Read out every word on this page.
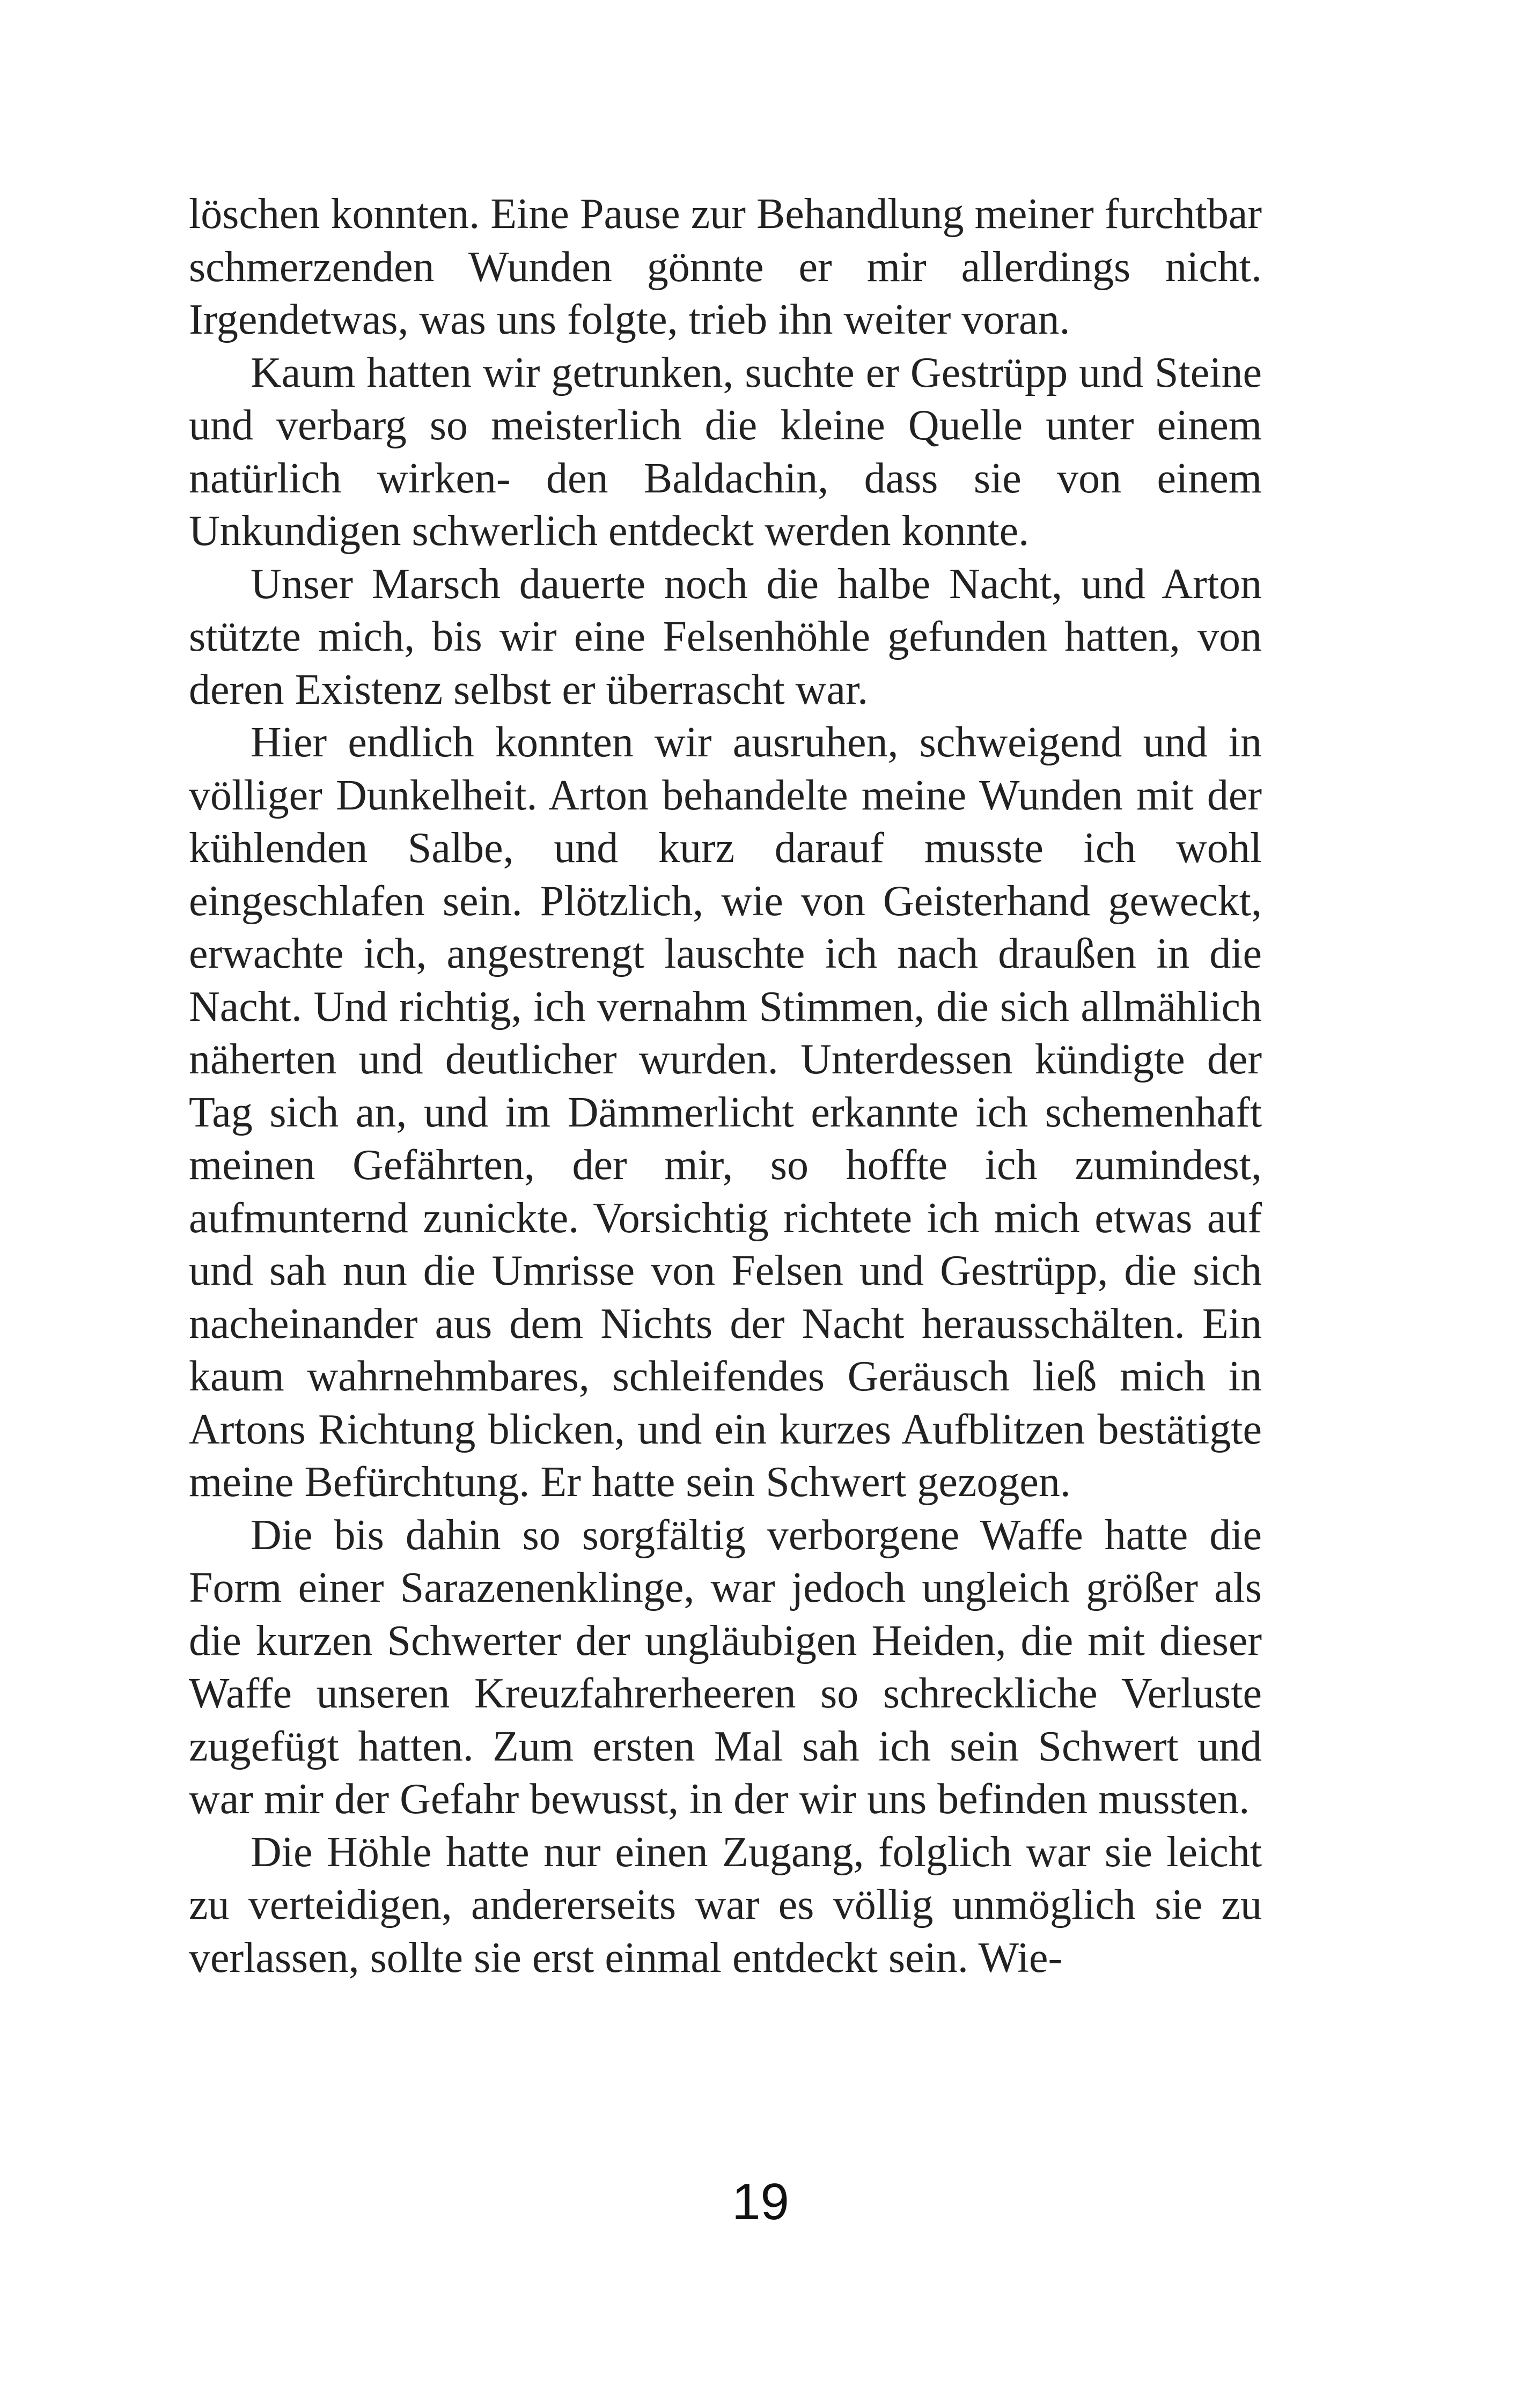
löschen konnten. Eine Pause zur Behandlung meiner furchtbar schmerzenden Wunden gönnte er mir allerdings nicht. Irgendetwas, was uns folgte, trieb ihn weiter voran.

Kaum hatten wir getrunken, suchte er Gestrüpp und Steine und verbarg so meisterlich die kleine Quelle unter einem natürlich wirken- den Baldachin, dass sie von einem Unkundigen schwerlich entdeckt werden konnte.

Unser Marsch dauerte noch die halbe Nacht, und Arton stützte mich, bis wir eine Felsenhöhle gefunden hatten, von deren Existenz selbst er überrascht war.

Hier endlich konnten wir ausruhen, schweigend und in völliger Dunkelheit. Arton behandelte meine Wunden mit der kühlenden Salbe, und kurz darauf musste ich wohl eingeschlafen sein. Plötzlich, wie von Geisterhand geweckt, erwachte ich, angestrengt lauschte ich nach draußen in die Nacht. Und richtig, ich vernahm Stimmen, die sich allmählich näherten und deutlicher wurden. Unterdessen kündigte der Tag sich an, und im Dämmerlicht erkannte ich schemenhaft meinen Gefährten, der mir, so hoffte ich zumindest, aufmunternd zunickte. Vorsichtig richtete ich mich etwas auf und sah nun die Umrisse von Felsen und Gestrüpp, die sich nacheinander aus dem Nichts der Nacht herausschälten. Ein kaum wahrnehmbares, schleifendes Geräusch ließ mich in Artons Richtung blicken, und ein kurzes Aufblitzen bestätigte meine Befürchtung. Er hatte sein Schwert gezogen.

Die bis dahin so sorgfältig verborgene Waffe hatte die Form einer Sarazenenklinge, war jedoch ungleich größer als die kurzen Schwerter der ungläubigen Heiden, die mit dieser Waffe unseren Kreuzfahrerheeren so schreckliche Verluste zugefügt hatten. Zum ersten Mal sah ich sein Schwert und war mir der Gefahr bewusst, in der wir uns befinden mussten.

Die Höhle hatte nur einen Zugang, folglich war sie leicht zu verteidigen, andererseits war es völlig unmöglich sie zu verlassen, sollte sie erst einmal entdeckt sein. Wie-

19
